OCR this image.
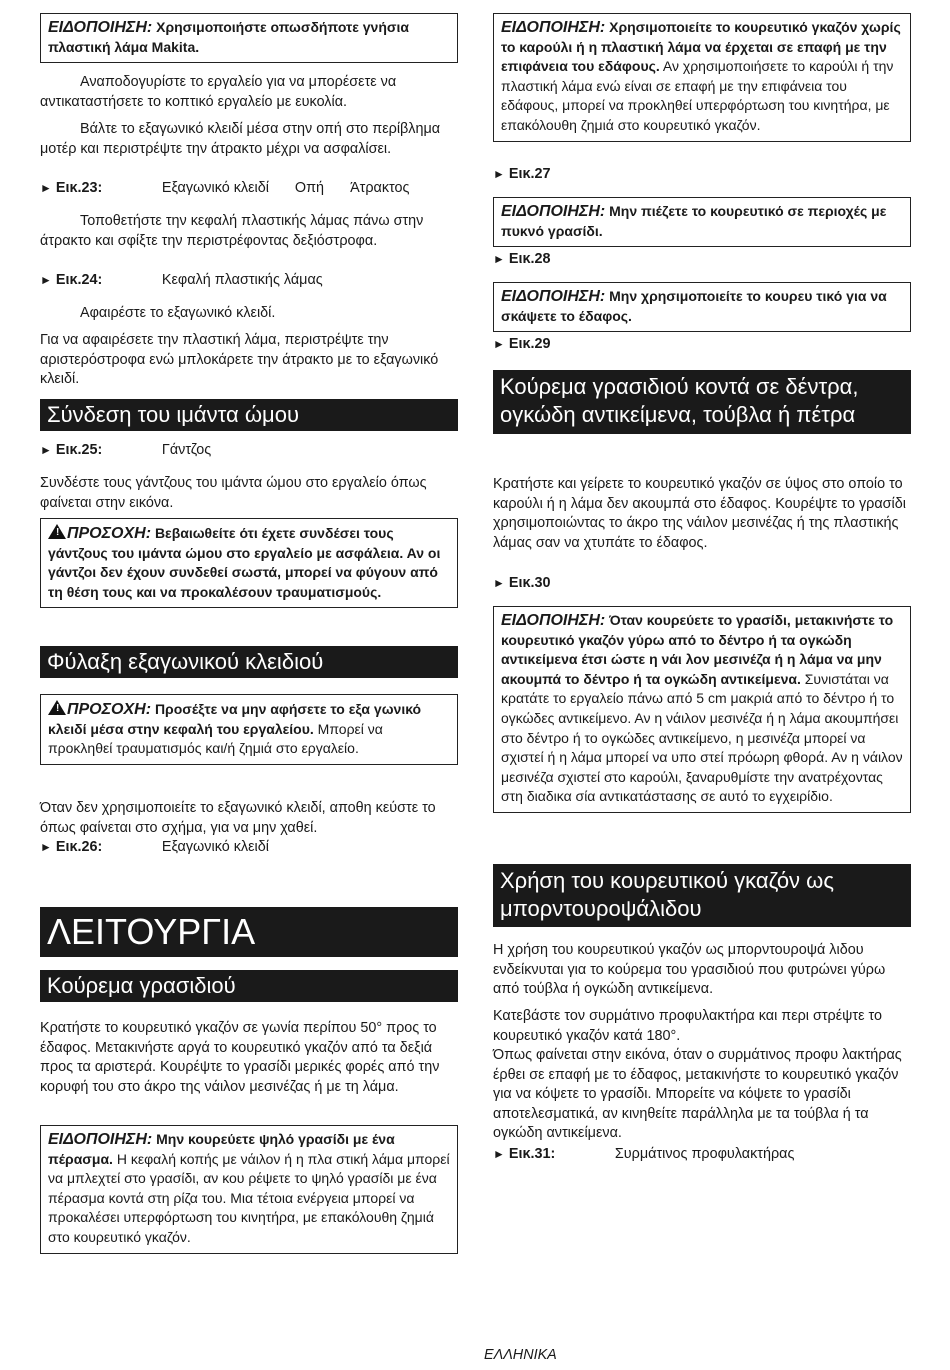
ΕΙΔΟΠΟΙΗΣΗ: Χρησιμοποιήστε οπωσδήποτε γνήσια πλαστική λάμα Makita.

Αναποδογυρίστε το εργαλείο για να μπορέσετε να αντικαταστήσετε το κοπτικό εργαλείο με ευκολία.

Βάλτε το εξαγωνικό κλειδί μέσα στην οπή στο περίβλημα μοτέρ και περιστρέψτε την άτρακτο μέχρι να ασφαλίσει.

► Εικ.23:	Εξαγωνικό κλειδί Οπή Άτρακτος

Τοποθετήστε την κεφαλή πλαστικής λάμας πάνω στην άτρακτο και σφίξτε την περιστρέφοντας δεξιόστροφα.

► Εικ.24:	Κεφαλή πλαστικής λάμας

Αφαιρέστε το εξαγωνικό κλειδί.

Για να αφαιρέσετε την πλαστική λάμα, περιστρέψτε την αριστερόστροφα ενώ μπλοκάρετε την άτρακτο με το εξαγωνικό κλειδί.

Σύνδεση του ιμάντα ώμου

► Εικ.25:	Γάντζος

Συνδέστε τους γάντζους του ιμάντα ώμου στο εργαλείο όπως φαίνεται στην εικόνα.

! ΠΡΟΣΟΧΗ: Βεβαιωθείτε ότι έχετε συνδέσει τους γάντζους του ιμάντα ώμου στο εργαλείο με ασφάλεια. Αν οι γάντζοι δεν έχουν συνδεθεί σωστά, μπορεί να φύγουν από τη θέση τους και να προκαλέσουν τραυματισμούς.
Φύλαξη εξαγωνικού κλειδιού
! ΠΡΟΣΟΧΗ: Προσέξτε να μην αφήσετε το εξα γωνικό κλειδί μέσα στην κεφαλή του εργαλείου. Μπορεί να προκληθεί τραυματισμός και/ή ζημιά στο εργαλείο.

Όταν δεν χρησιμοποιείτε το εξαγωνικό κλειδί, αποθη κεύστε το όπως φαίνεται στο σχήμα, για να μην χαθεί.

► Εικ.26:	Εξαγωνικό κλειδί

ΛΕΙΤΟΥΡΓΙΑ
Κούρεμα γρασιδιού

Κρατήστε το κουρευτικό γκαζόν σε γωνία περίπου 50° προς το έδαφος. Μετακινήστε αργά το κουρευτικό γκαζόν από τα δεξιά προς τα αριστερά. Κουρέψτε το γρασίδι μερικές φορές από την κορυφή του στο άκρο της νάιλον μεσινέζας ή με τη λάμα.

ΕΙΔΟΠΟΙΗΣΗ: Μην κουρεύετε ψηλό γρασίδι με ένα πέρασμα. Η κεφαλή κοπής με νάιλον ή η πλα στική λάμα μπορεί να μπλεχτεί στο γρασίδι, αν κου ρέψετε το ψηλό γρασίδι με ένα πέρασμα κοντά στη ρίζα του. Μια τέτοια ενέργεια μπορεί να προκαλέσει υπερφόρτωση του κινητήρα, με επακόλουθη ζημιά στο κουρευτικό γκαζόν.
ΕΙΔΟΠΟΙΗΣΗ: Χρησιμοποιείτε το κουρευτικό γκαζόν χωρίς το καρούλι ή η πλαστική λάμα να έρχεται σε επαφή με την επιφάνεια του εδάφους. Αν χρησιμοποιήσετε το καρούλι ή την πλαστική λάμα ενώ είναι σε επαφή με την επιφάνεια του εδάφους, μπορεί να προκληθεί υπερφόρτωση του κινητήρα, με επακόλουθη ζημιά στο κουρευτικό γκαζόν.

► Εικ.27

ΕΙΔΟΠΟΙΗΣΗ: Μην πιέζετε το κουρευτικό σε περιοχές με πυκνό γρασίδι.

► Εικ.28

ΕΙΔΟΠΟΙΗΣΗ: Μην χρησιμοποιείτε το κουρευ τικό για να σκάψετε το έδαφος.

► Εικ.29

Κούρεμα γρασιδιού κοντά σε δέντρα, ογκώδη αντικείμενα, τούβλα ή πέτρα

Κρατήστε και γείρετε το κουρευτικό γκαζόν σε ύψος στο οποίο το καρούλι ή η λάμα δεν ακουμπά στο έδαφος. Κουρέψτε το γρασίδι χρησιμοποιώντας το άκρο της νάιλον μεσινέζας ή της πλαστικής λάμας σαν να χτυπάτε το έδαφος.

► Εικ.30

ΕΙΔΟΠΟΙΗΣΗ: Όταν κουρεύετε το γρασίδι, μετακινήστε το κουρευτικό γκαζόν γύρω από το δέντρο ή τα ογκώδη αντικείμενα έτσι ώστε η νάι λον μεσινέζα ή η λάμα να μην ακουμπά το δέντρο ή τα ογκώδη αντικείμενα. Συνιστάται να κρατάτε το εργαλείο πάνω από 5 cm μακριά από το δέντρο ή το ογκώδες αντικείμενο. Αν η νάιλον μεσινέζα ή η λάμα ακουμπήσει στο δέντρο ή το ογκώδες αντικείμενο, η μεσινέζα μπορεί να σχιστεί ή η λάμα μπορεί να υπο στεί πρόωρη φθορά. Αν η νάιλον μεσινέζα σχιστεί στο καρούλι, ξαναρυθμίστε την ανατρέχοντας στη διαδικα σία αντικατάστασης σε αυτό το εγχειρίδιο.
Χρήση του κουρευτικού γκαζόν ως μπορντουροψάλιδου

Η χρήση του κουρευτικού γκαζόν ως μπορντουροψά λιδου ενδείκνυται για το κούρεμα του γρασιδιού που φυτρώνει γύρω από τούβλα ή ογκώδη αντικείμενα.

Κατεβάστε τον συρμάτινο προφυλακτήρα και περι στρέψτε το κουρευτικό γκαζόν κατά 180°.

Όπως φαίνεται στην εικόνα, όταν ο συρμάτινος προφυ λακτήρας έρθει σε επαφή με το έδαφος, μετακινήστε το κουρευτικό γκαζόν για να κόψετε το γρασίδι. Μπορείτε να κόψετε το γρασίδι αποτελεσματικά, αν κινηθείτε παράλληλα με τα τούβλα ή τα ογκώδη αντικείμενα.

► Εικ.31:	Συρμάτινος προφυλακτήρας

ΕΛΛΗΝΙΚΑ
